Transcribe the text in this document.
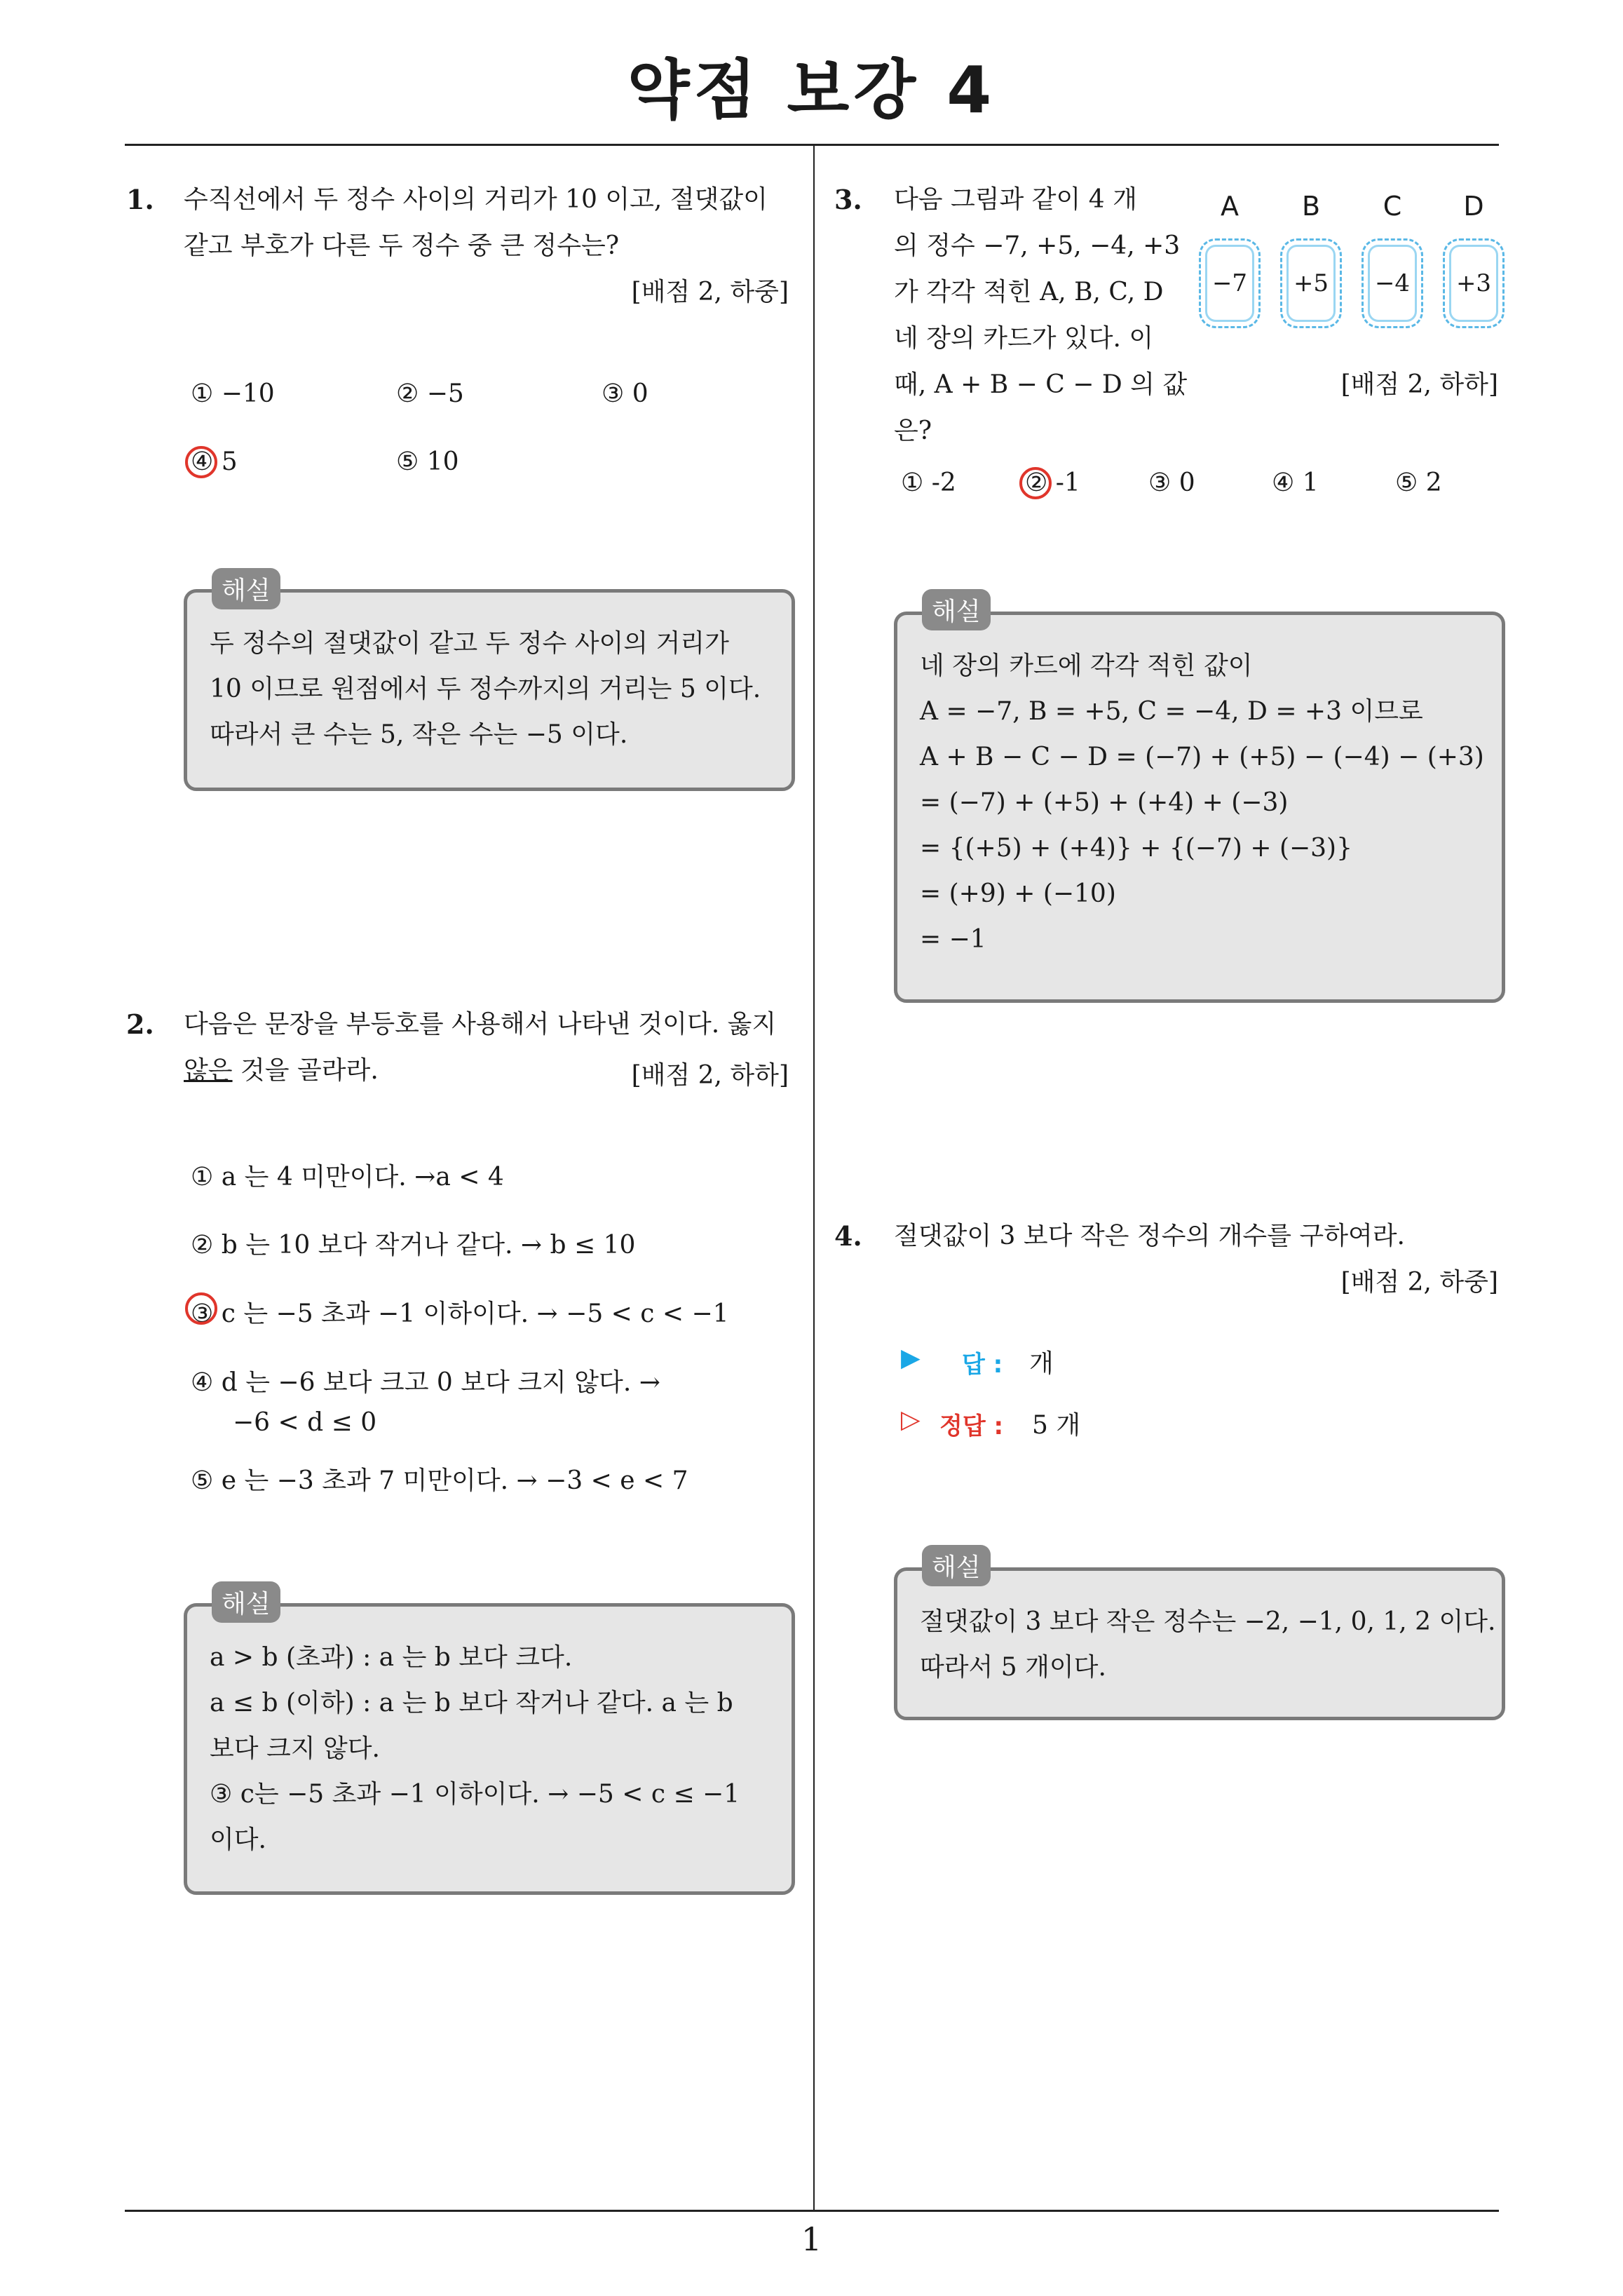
약점 보강 4
1
1. 수직선에서 두 정수 사이의 거리가 10 이고, 절댓값이
같고 부호가 다른 두 정수 중 큰 정수는?
[배점 2, 하중]
① −10	② −5	③ 0
④ 5	⑤ 10
두 정수의 절댓값이 같고 두 정수 사이의 거리가
10 이므로 원점에서 두 정수까지의 거리는 5 이다.
따라서 큰 수는 5, 작은 수는 −5 이다.
해설
2. 다음은 문장을 부등호를 사용해서 나타낸 것이다. 옳지
않은 것을 골라라.	[배점 2, 하하]
① a 는 4 미만이다. →a < 4
② b 는 10 보다 작거나 같다. → b ≤ 10
③ c 는 −5 초과 −1 이하이다. → −5 < c < −1
④ d 는 −6 보다 크고 0 보다 크지 않다. →
−6 < d ≤ 0
⑤ e 는 −3 초과 7 미만이다. → −3 < e < 7
a > b (초과) : a 는 b 보다 크다.
a ≤ b (이하) : a 는 b 보다 작거나 같다. a 는 b
보다 크지 않다.
③ c는 −5 초과 −1 이하이다. → −5 < c ≤ −1
이다.
해설
3. 다음 그림과 같이 4 개
의 정수 −7, +5, −4, +3
가 각각 적힌 A, B, C, D
네 장의 카드가 있다. 이
때, A + B − C − D 의 값은?
[배점 2, 하하]
A	B	C	D
−7	+5	−4	+3
① -2	② -1	③ 0	④ 1	⑤ 2
네 장의 카드에 각각 적힌 값이
A = −7, B = +5, C = −4, D = +3 이므로
A + B − C − D = (−7) + (+5) − (−4) − (+3)
= (−7) + (+5) + (+4) + (−3)
= {(+5) + (+4)} + {(−7) + (−3)}
= (+9) + (−10)
= −1
해설
4. 절댓값이 3 보다 작은 정수의 개수를 구하여라.
[배점 2, 하중]
▶ 답 : 개
▷ 정답 : 5 개
절댓값이 3 보다 작은 정수는 −2, −1, 0, 1, 2 이다.
따라서 5 개이다.
해설
